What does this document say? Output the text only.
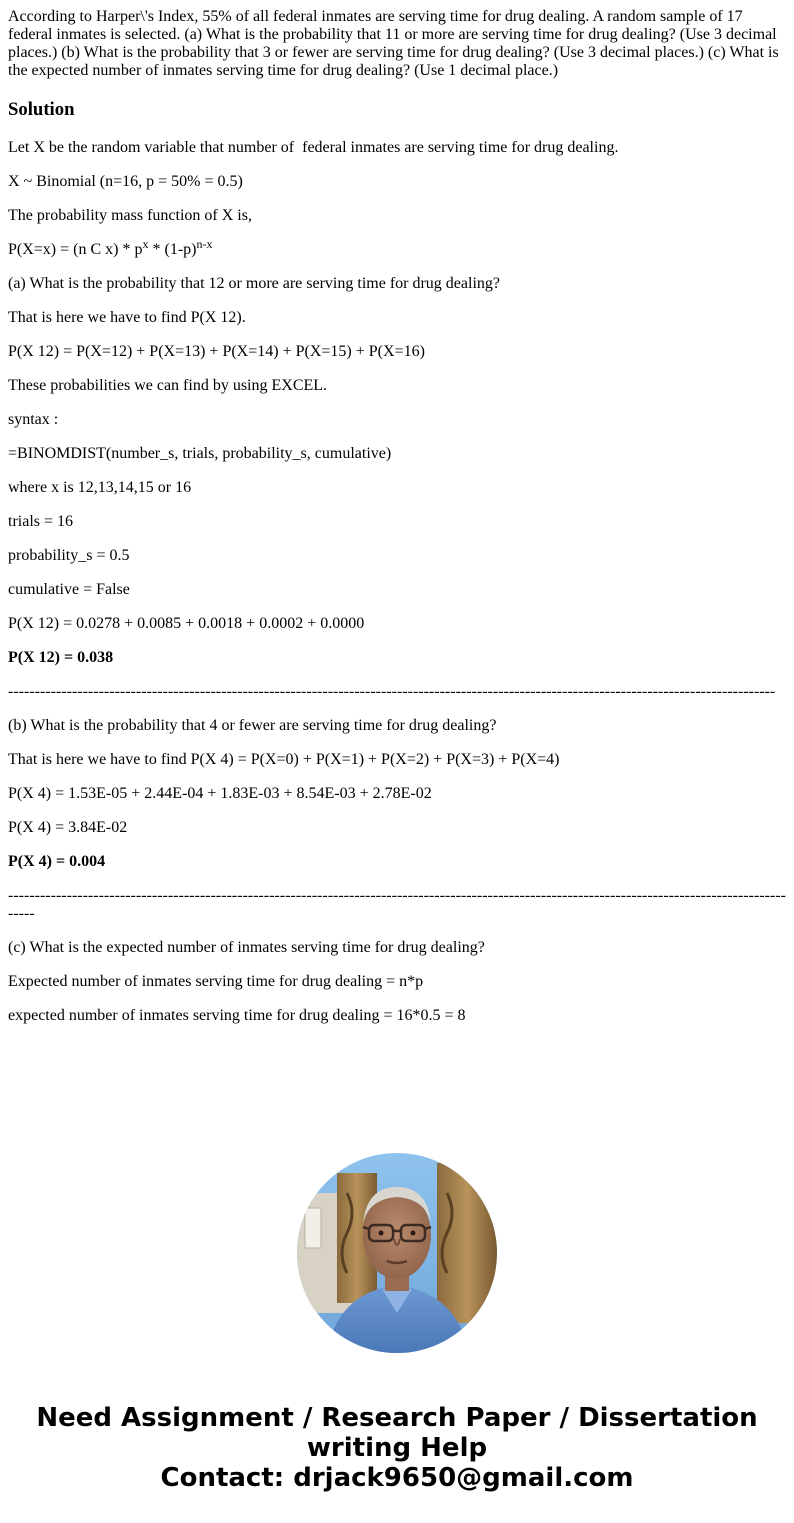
According to Harper\'s Index, 55% of all federal inmates are serving time for drug dealing. A random sample of 17 federal inmates is selected. (a) What is the probability that 11 or more are serving time for drug dealing? (Use 3 decimal places.) (b) What is the probability that 3 or fewer are serving time for drug dealing? (Use 3 decimal places.) (c) What is the expected number of inmates serving time for drug dealing? (Use 1 decimal place.)
Solution

Let X be the random variable that number of  federal inmates are serving time for drug dealing.

X ~ Binomial (n=16, p = 50% = 0.5)

The probability mass function of X is,

P(X=x) = (n C $x) * p^x * (1-p)^{n-x}$

(a) What is the probability that 12 or more are serving time for drug dealing?

That is here we have to find P(X 12).

P(X 12) = P(X=12) + P(X=13) + P(X=14) + P(X=15) + P(X=16)

These probabilities we can find by using EXCEL.

syntax :

=BINOMDIST(number_s, trials, probability_s, cumulative)

where x is 12,13,14,15 or 16

trials = 16

probability_s = 0.5

cumulative = False

P(X 12) = 0.0278 + 0.0085 + 0.0018 + 0.0002 + 0.0000

P(X 12) = 0.038

------------------------------------------------------------------------------------------------------------------------------------------------

(b) What is the probability that 4 or fewer are serving time for drug dealing?

That is here we have to find P(X 4) = P(X=0) + P(X=1) + P(X=2) + P(X=3) + P(X=4)

P(X 4) = 1.53E-05 + 2.44E-04 + 1.83E-03 + 8.54E-03 + 2.78E-02

P(X 4) = 3.84E-02

P(X 4) = 0.004

-------------------------------------------------------------------------------------------------------------------------------------------------------

(c) What is the expected number of inmates serving time for drug dealing?

Expected number of inmates serving time for drug dealing = n*p

expected number of inmates serving time for drug dealing = 16*0.5 = 8

Need Assignment / Research Paper / Dissertation
writing Help
Contact: drjack9650@gmail.com
